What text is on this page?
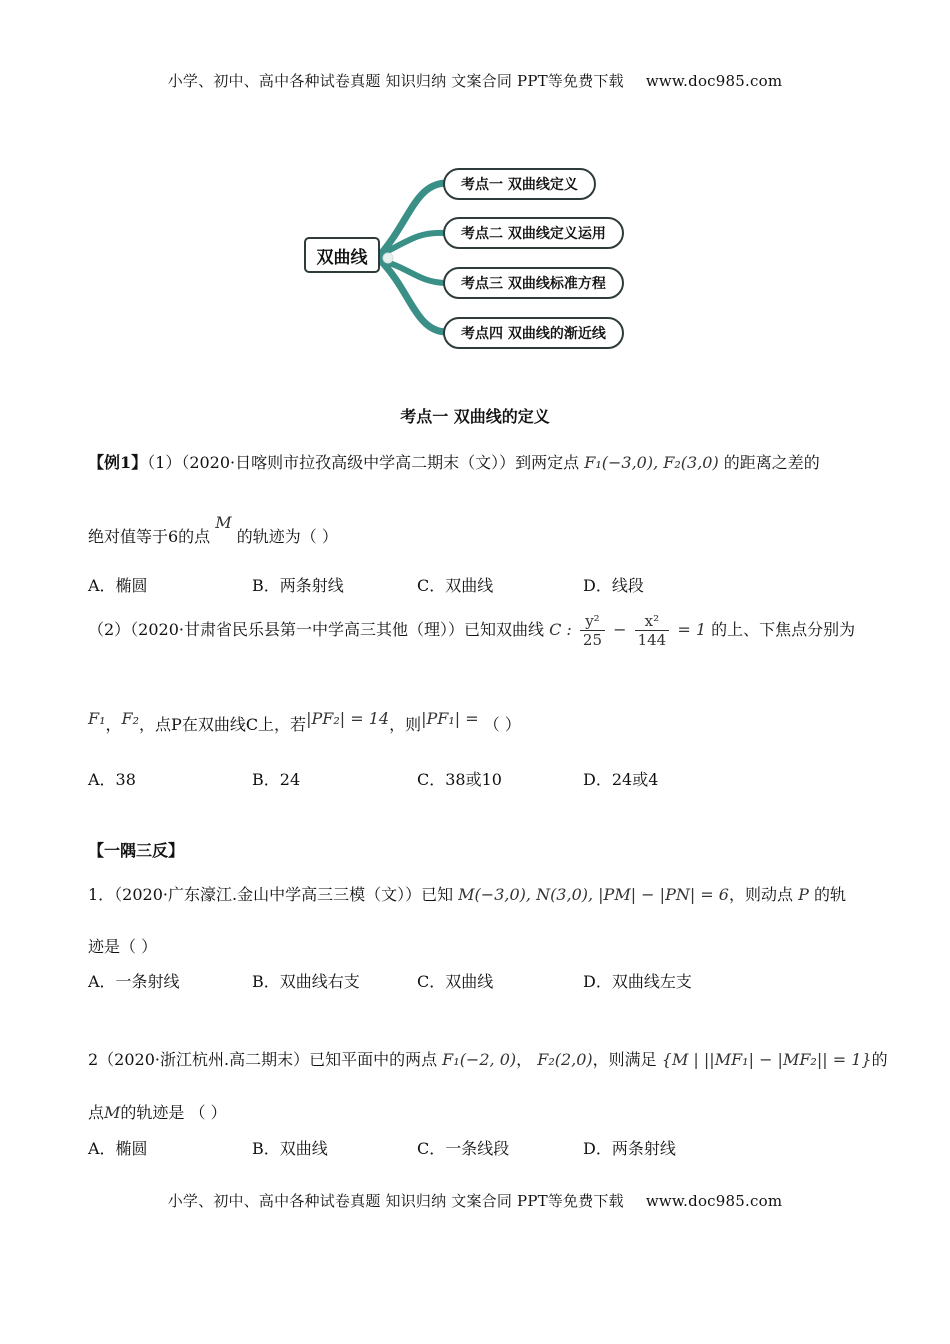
小学、初中、高中各种试卷真题 知识归纳 文案合同 PPT等免费下载 www.doc985.com
双曲线
考点一 双曲线定义
考点二 双曲线定义运用
考点三 双曲线标准方程
考点四 双曲线的渐近线
考点一 双曲线的定义
【例1】（1）（2020·日喀则市拉孜高级中学高二期末（文））到两定点 F₁(−3,0), F₂(3,0) 的距离之差的
绝对值等于6的点 M 的轨迹为（ ）
A．椭圆	B．两条射线	C．双曲线	D．线段
（2）（2020·甘肃省民乐县第一中学高三其他（理））已知双曲线 C : $\frac{\text{y²}}{25} - \frac{\text{x²}}{144} = 1$ 的上、下焦点分别为
F₁，F₂，点P在双曲线C上，若|PF₂| = 14，则|PF₁| = （ ）
A．38	B．24	C．38或10	D．24或4
【一隅三反】
1．（2020·广东濠江.金山中学高三三模（文））已知 M(−3,0), N(3,0), |PM| − |PN| = 6，则动点 P 的轨
迹是（ ）
A．一条射线	B．双曲线右支	C．双曲线	D．双曲线左支
2（2020·浙江杭州.高二期末）已知平面中的两点 F₁(−2, 0)， F₂(2,0)，则满足 {M | ||MF₁| − |MF₂|| = 1}的
点M的轨迹是 （ ）
A．椭圆	B．双曲线	C．一条线段	D．两条射线
小学、初中、高中各种试卷真题 知识归纳 文案合同 PPT等免费下载 www.doc985.com
